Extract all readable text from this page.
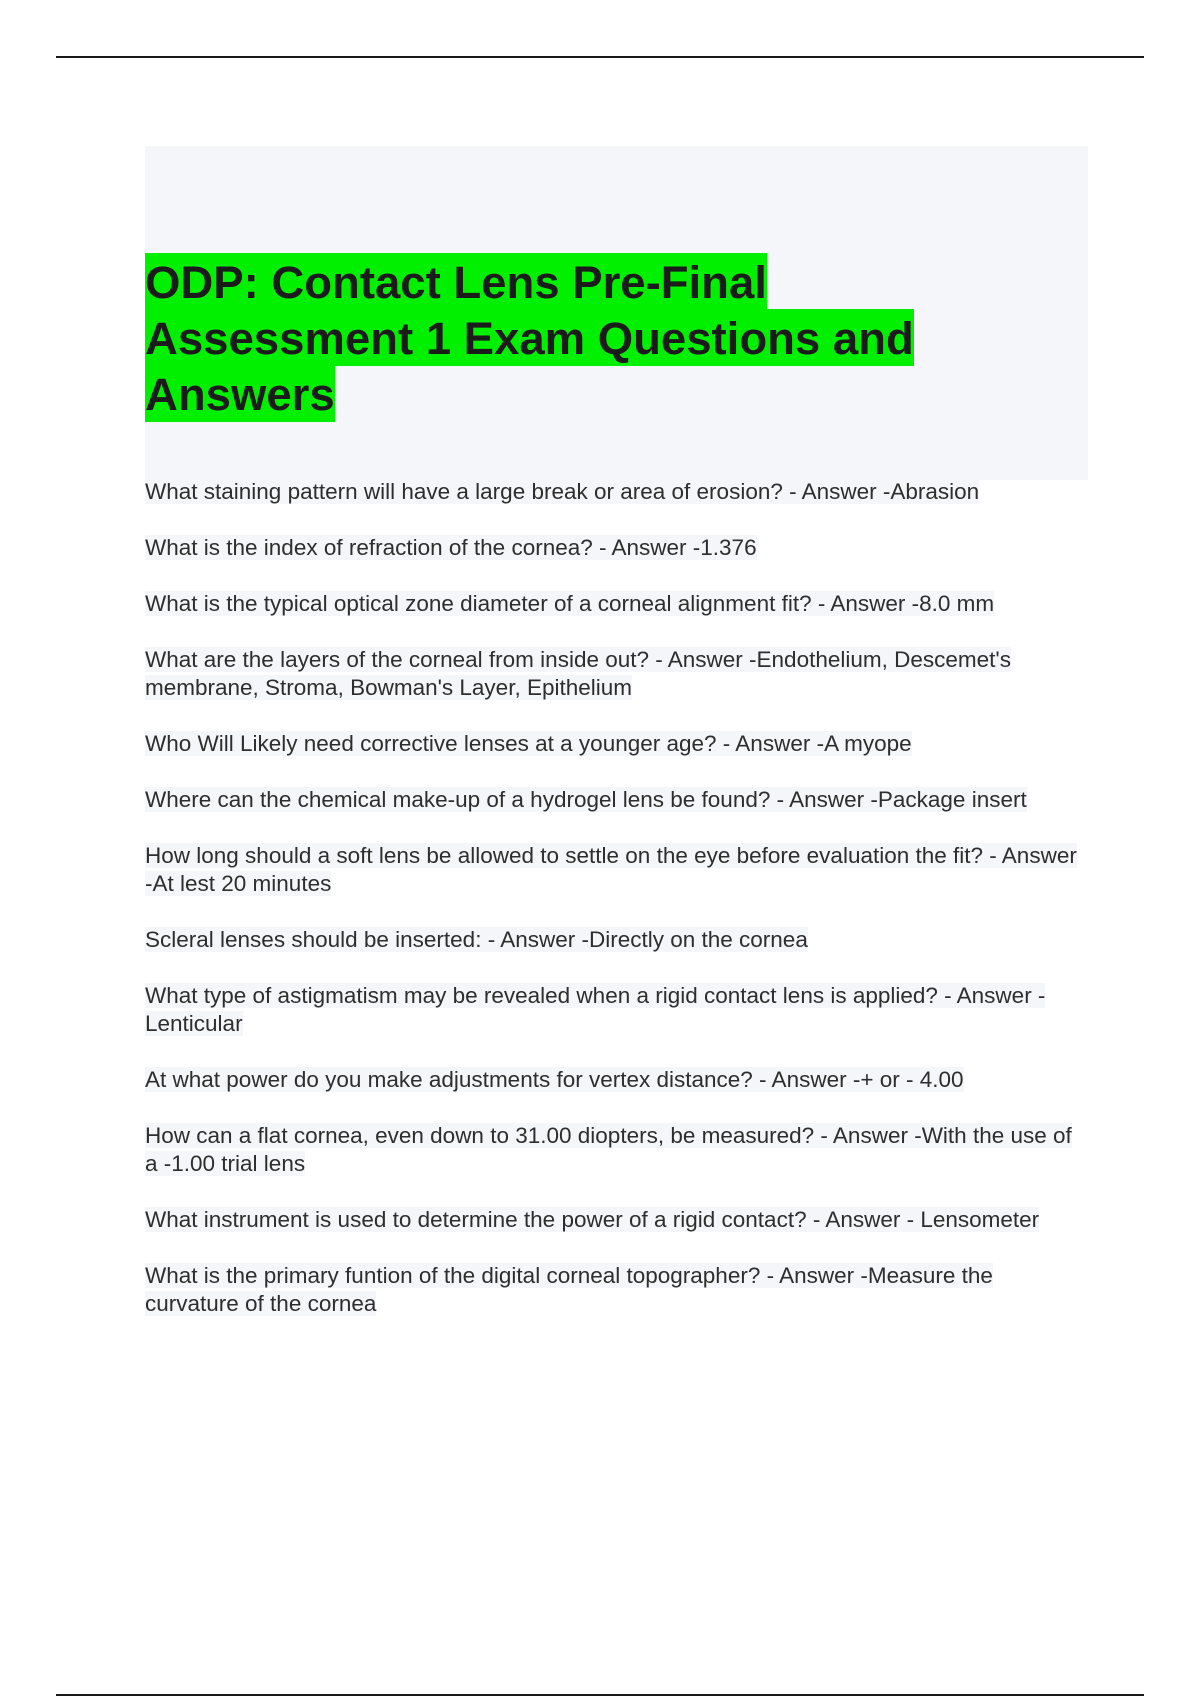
ODP: Contact Lens Pre-Final Assessment 1 Exam Questions and Answers
What staining pattern will have a large break or area of erosion? - Answer -Abrasion
What is the index of refraction of the cornea? - Answer -1.376
What is the typical optical zone diameter of a corneal alignment fit? - Answer -8.0 mm
What are the layers of the corneal from inside out? - Answer -Endothelium, Descemet's membrane, Stroma, Bowman's Layer, Epithelium
Who Will Likely need corrective lenses at a younger age? - Answer -A myope
Where can the chemical make-up of a hydrogel lens be found? - Answer -Package insert
How long should a soft lens be allowed to settle on the eye before evaluation the fit? - Answer -At lest 20 minutes
Scleral lenses should be inserted: - Answer -Directly on the cornea
What type of astigmatism may be revealed when a rigid contact lens is applied? - Answer -Lenticular
At what power do you make adjustments for vertex distance? - Answer -+ or - 4.00
How can a flat cornea, even down to 31.00 diopters, be measured? - Answer -With the use of a -1.00 trial lens
What instrument is used to determine the power of a rigid contact? - Answer - Lensometer
What is the primary funtion of the digital corneal topographer? - Answer -Measure the curvature of the cornea
